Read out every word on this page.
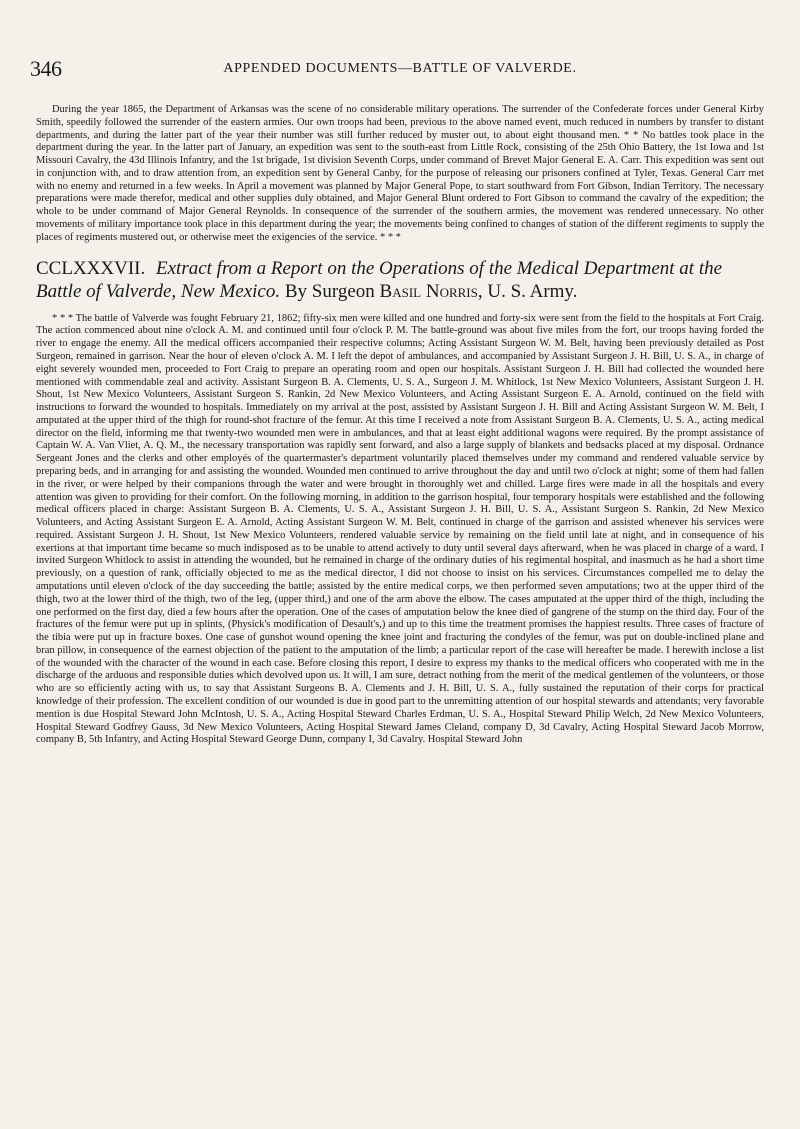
346	APPENDED DOCUMENTS—BATTLE OF VALVERDE.

During the year 1865, the Department of Arkansas was the scene of no considerable military operations. The surrender of the Confederate forces under General Kirby Smith, speedily followed the surrender of the eastern armies. Our own troops had been, previous to the above named event, much reduced in numbers by transfer to distant departments, and during the latter part of the year their number was still further reduced by muster out, to about eight thousand men. * * No battles took place in the department during the year. In the latter part of January, an expedition was sent to the south-east from Little Rock, consisting of the 25th Ohio Battery, the 1st Iowa and 1st Missouri Cavalry, the 43d Illinois Infantry, and the 1st brigade, 1st division Seventh Corps, under command of Brevet Major General E. A. Carr. This expedition was sent out in conjunction with, and to draw attention from, an expedition sent by General Canby, for the purpose of releasing our prisoners confined at Tyler, Texas. General Carr met with no enemy and returned in a few weeks. In April a movement was planned by Major General Pope, to start southward from Fort Gibson, Indian Territory. The necessary preparations were made therefor, medical and other supplies duly obtained, and Major General Blunt ordered to Fort Gibson to command the cavalry of the expedition; the whole to be under command of Major General Reynolds. In consequence of the surrender of the southern armies, the movement was rendered unnecessary. No other movements of military importance took place in this department during the year; the movements being confined to changes of station of the different regiments to supply the places of regiments mustered out, or otherwise meet the exigencies of the service. * * *

CCLXXXVII. Extract from a Report on the Operations of the Medical Department at the Battle of Valverde, New Mexico. By Surgeon Basil Norris, U. S. Army.

* * * The battle of Valverde was fought February 21, 1862; fifty-six men were killed and one hundred and forty-six were sent from the field to the hospitals at Fort Craig. The action commenced about nine o'clock A. M. and continued until four o'clock P. M. The battle-ground was about five miles from the fort, our troops having forded the river to engage the enemy. All the medical officers accompanied their respective columns; Acting Assistant Surgeon W. M. Belt, having been previously detailed as Post Surgeon, remained in garrison. Near the hour of eleven o'clock A. M. I left the depot of ambulances, and accompanied by Assistant Surgeon J. H. Bill, U. S. A., in charge of eight severely wounded men, proceeded to Fort Craig to prepare an operating room and open our hospitals. Assistant Surgeon J. H. Bill had collected the wounded here mentioned with commendable zeal and activity. Assistant Surgeon B. A. Clements, U. S. A., Surgeon J. M. Whitlock, 1st New Mexico Volunteers, Assistant Surgeon J. H. Shout, 1st New Mexico Volunteers, Assistant Surgeon S. Rankin, 2d New Mexico Volunteers, and Acting Assistant Surgeon E. A. Arnold, continued on the field with instructions to forward the wounded to hospitals. Immediately on my arrival at the post, assisted by Assistant Surgeon J. H. Bill and Acting Assistant Surgeon W. M. Belt, I amputated at the upper third of the thigh for round-shot fracture of the femur. At this time I received a note from Assistant Surgeon B. A. Clements, U. S. A., acting medical director on the field, informing me that twenty-two wounded men were in ambulances, and that at least eight additional wagons were required. By the prompt assistance of Captain W. A. Van Vliet, A. Q. M., the necessary transportation was rapidly sent forward, and also a large supply of blankets and bedsacks placed at my disposal. Ordnance Sergeant Jones and the clerks and other employés of the quartermaster's department voluntarily placed themselves under my command and rendered valuable service by preparing beds, and in arranging for and assisting the wounded. Wounded men continued to arrive throughout the day and until two o'clock at night; some of them had fallen in the river, or were helped by their companions through the water and were brought in thoroughly wet and chilled. Large fires were made in all the hospitals and every attention was given to providing for their comfort. On the following morning, in addition to the garrison hospital, four temporary hospitals were established and the following medical officers placed in charge: Assistant Surgeon B. A. Clements, U. S. A., Assistant Surgeon J. H. Bill, U. S. A., Assistant Surgeon S. Rankin, 2d New Mexico Volunteers, and Acting Assistant Surgeon E. A. Arnold, Acting Assistant Surgeon W. M. Belt, continued in charge of the garrison and assisted whenever his services were required. Assistant Surgeon J. H. Shout, 1st New Mexico Volunteers, rendered valuable service by remaining on the field until late at night, and in consequence of his exertions at that important time became so much indisposed as to be unable to attend actively to duty until several days afterward, when he was placed in charge of a ward. I invited Surgeon Whitlock to assist in attending the wounded, but he remained in charge of the ordinary duties of his regimental hospital, and inasmuch as he had a short time previously, on a question of rank, officially objected to me as the medical director, I did not choose to insist on his services. Circumstances compelled me to delay the amputations until eleven o'clock of the day succeeding the battle; assisted by the entire medical corps, we then performed seven amputations; two at the upper third of the thigh, two at the lower third of the thigh, two of the leg, (upper third,) and one of the arm above the elbow. The cases amputated at the upper third of the thigh, including the one performed on the first day, died a few hours after the operation. One of the cases of amputation below the knee died of gangrene of the stump on the third day. Four of the fractures of the femur were put up in splints, (Physick's modification of Desault's,) and up to this time the treatment promises the happiest results. Three cases of fracture of the tibia were put up in fracture boxes. One case of gunshot wound opening the knee joint and fracturing the condyles of the femur, was put on double-inclined plane and bran pillow, in consequence of the earnest objection of the patient to the amputation of the limb; a particular report of the case will hereafter be made. I herewith inclose a list of the wounded with the character of the wound in each case. Before closing this report, I desire to express my thanks to the medical officers who cooperated with me in the discharge of the arduous and responsible duties which devolved upon us. It will, I am sure, detract nothing from the merit of the medical gentlemen of the volunteers, or those who are so efficiently acting with us, to say that Assistant Surgeons B. A. Clements and J. H. Bill, U. S. A., fully sustained the reputation of their corps for practical knowledge of their profession. The excellent condition of our wounded is due in good part to the unremitting attention of our hospital stewards and attendants; very favorable mention is due Hospital Steward John McIntosh, U. S. A., Acting Hospital Steward Charles Erdman, U. S. A., Hospital Steward Philip Welch, 2d New Mexico Volunteers, Hospital Steward Godfrey Gauss, 3d New Mexico Volunteers, Acting Hospital Steward James Cleland, company D, 3d Cavalry, Acting Hospital Steward Jacob Morrow, company B, 5th Infantry, and Acting Hospital Steward George Dunn, company I, 3d Cavalry. Hospital Steward John
